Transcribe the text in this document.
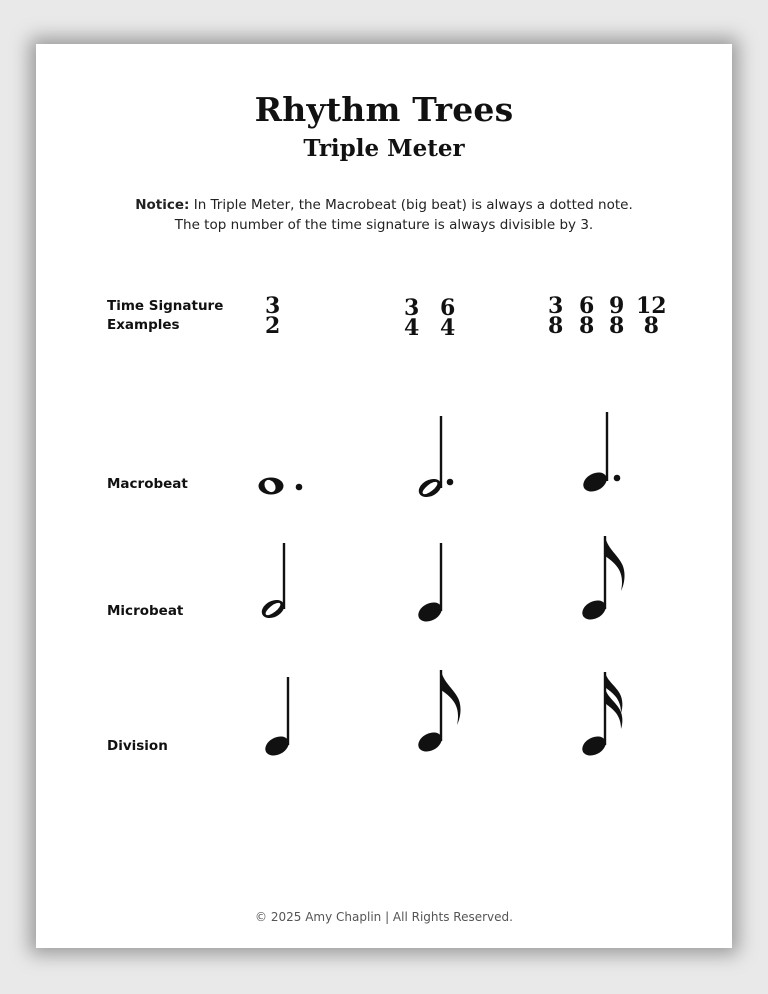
Rhythm Trees
Triple Meter
Notice: In Triple Meter, the Macrobeat (big beat) is always a dotted note.
The top number of the time signature is always divisible by 3.
Time Signature
Examples
Macrobeat
Microbeat
Division
3
2
3
4
6
4
3
8
6
8
9
8
12
8
© 2025 Amy Chaplin | All Rights Reserved.
